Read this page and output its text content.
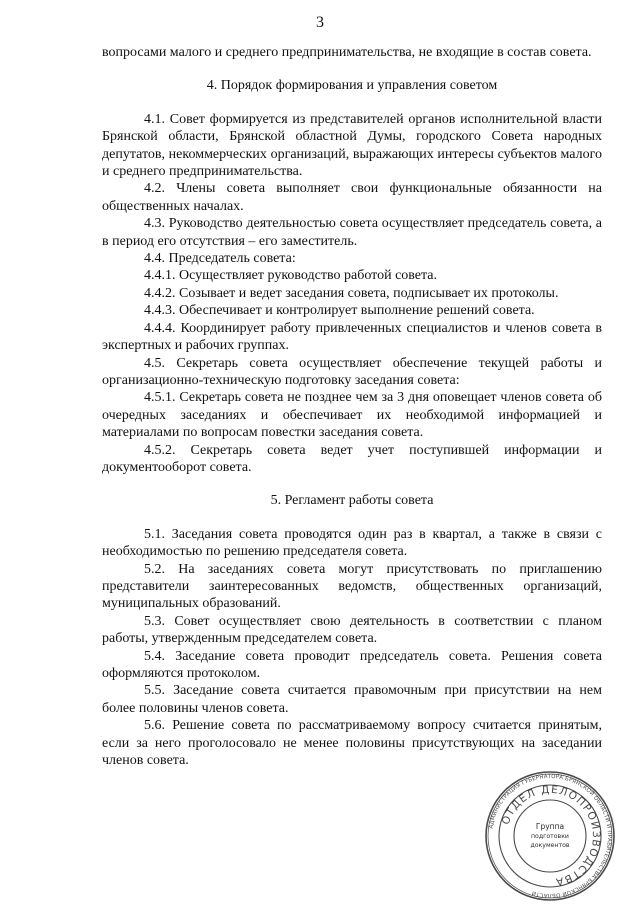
3

вопросами малого и среднего предпринимательства, не входящие в состав совета.

4. Порядок формирования и управления советом

4.1. Совет формируется из представителей органов исполнительной власти Брянской области, Брянской областной Думы, городского Совета народных депутатов, некоммерческих организаций, выражающих интересы субъектов малого и среднего предпринимательства.

4.2. Члены совета выполняет свои функциональные обязанности на общественных началах.

4.3. Руководство деятельностью совета осуществляет председатель совета, а в период его отсутствия – его заместитель.

4.4. Председатель совета:

4.4.1. Осуществляет руководство работой совета.

4.4.2. Созывает и ведет заседания совета, подписывает их протоколы.

4.4.3. Обеспечивает и контролирует выполнение решений совета.

4.4.4. Координирует работу привлеченных специалистов и членов совета в экспертных и рабочих группах.

4.5. Секретарь совета осуществляет обеспечение текущей работы и организационно-техническую подготовку заседания совета:

4.5.1. Секретарь совета не позднее чем за 3 дня оповещает членов совета об очередных заседаниях и обеспечивает их необходимой информацией и материалами по вопросам повестки заседания совета.

4.5.2. Секретарь совета ведет учет поступившей информации и документооборот совета.

5. Регламент работы совета

5.1. Заседания совета проводятся один раз в квартал, а также в связи с необходимостью по решению председателя совета.

5.2. На заседаниях совета могут присутствовать по приглашению представители заинтересованных ведомств, общественных организаций, муниципальных образований.

5.3. Совет осуществляет свою деятельность в соответствии с планом работы, утвержденным председателем совета.

5.4. Заседание совета проводит председатель совета. Решения совета оформляются протоколом.

5.5. Заседание совета считается правомочным при присутствии на нем более половины членов совета.

5.6. Решение совета по рассматриваемому вопросу считается принятым, если за него проголосовало не менее половины присутствующих на заседании членов совета.

АДМИНИСТРАЦИЯ ГУБЕРНАТОРА БРЯНСКОЙ ОБЛАСТИ И ПРАВИТЕЛЬСТВА БРЯНСКОЙ ОБЛАСТИ
ОТДЕЛ ДЕЛОПРОИЗВОДСТВА
Группа
подготовки
документов
